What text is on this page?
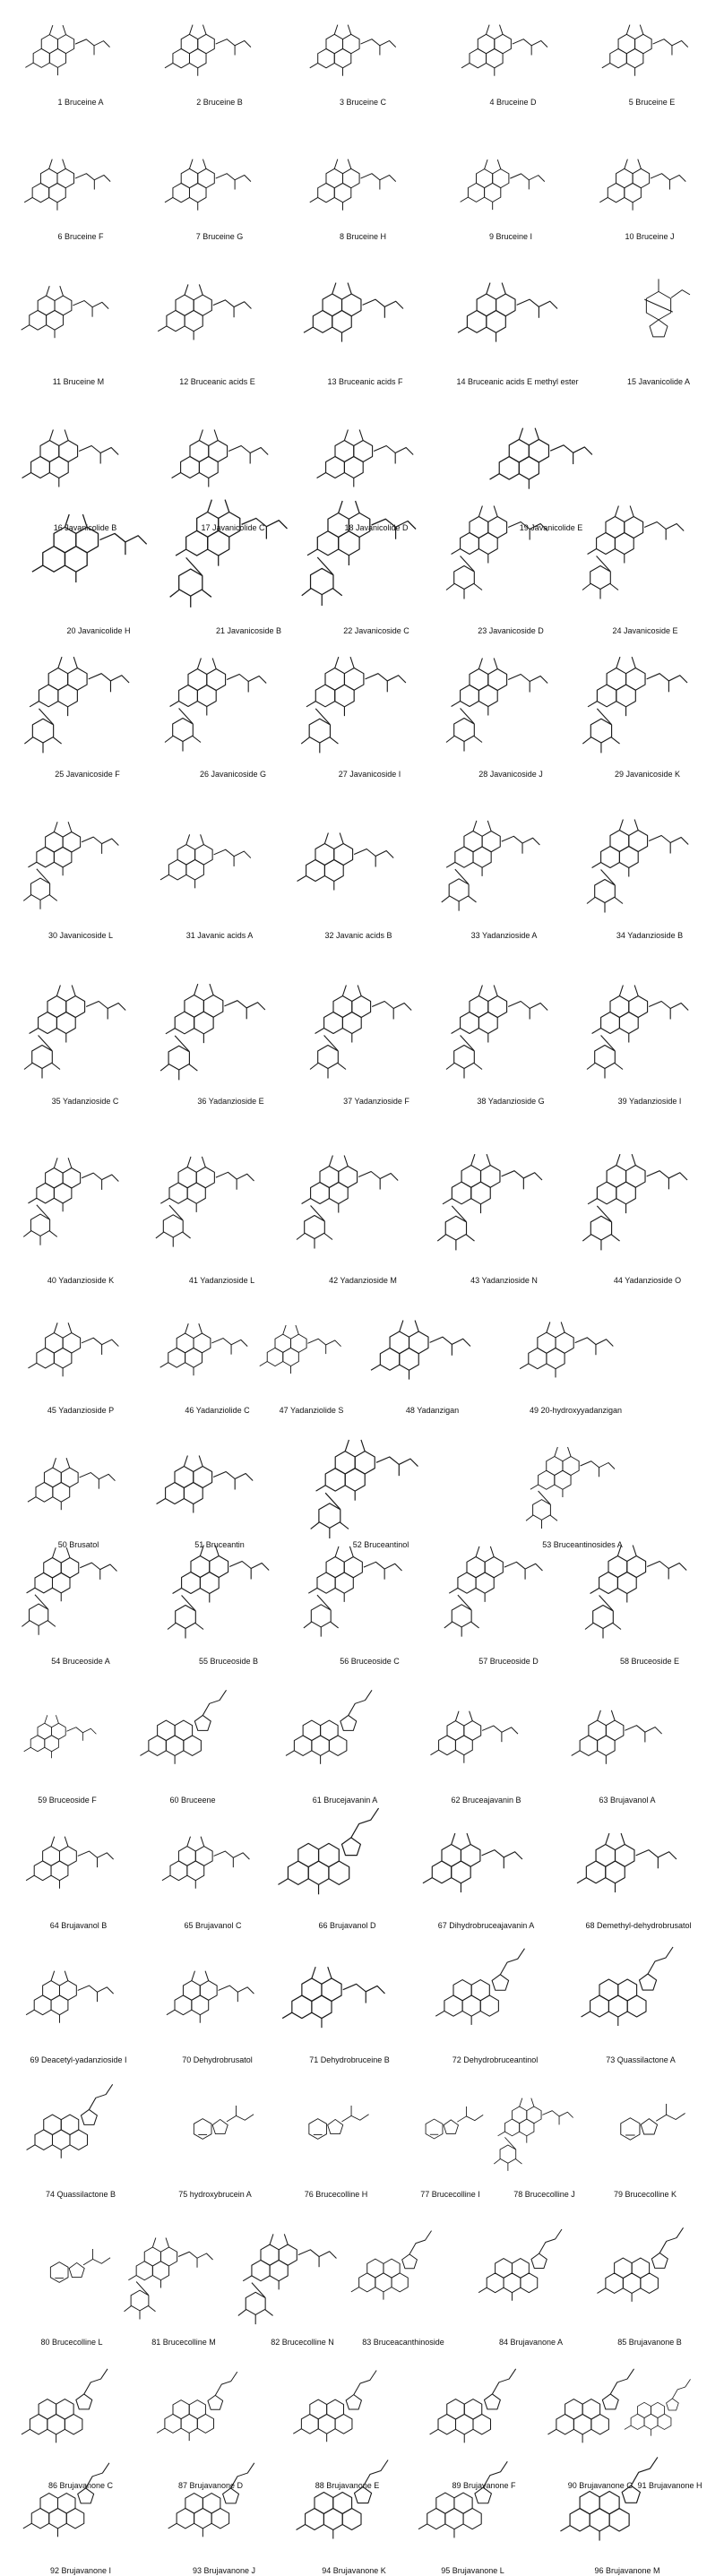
1 Bruceine A	2 Bruceine B	3 Bruceine C	4 Bruceine D	5 Bruceine E
6 Bruceine F	7 Bruceine G	8 Bruceine H	9 Bruceine I	10 Bruceine J
11 Bruceine M	12 Bruceanic acids E	13 Bruceanic acids F	14 Bruceanic acids E methyl ester	15 Javanicolide A
16 Javanicolide B	17 Javanicolide C	18 Javanicolide D	19 Javanicolide E
20 Javanicolide H	21 Javanicoside B	22 Javanicoside C	23 Javanicoside D	24 Javanicoside E
25 Javanicoside F	26 Javanicoside G	27 Javanicoside I	28 Javanicoside J	29 Javanicoside K
30 Javanicoside L	31 Javanic acids A	32 Javanic acids B	33 Yadanzioside A	34 Yadanzioside B
35 Yadanzioside C	36 Yadanzioside E	37 Yadanzioside F	38 Yadanzioside G	39 Yadanzioside I
40 Yadanzioside K	41 Yadanzioside L	42 Yadanzioside M	43 Yadanzioside N	44 Yadanzioside O
45 Yadanzioside P	46 Yadanziolide C	47 Yadanziolide S	48 Yadanzigan	49 20-hydroxyyadanzigan
50 Brusatol	51 Bruceantin	52 Bruceantinol	53 Bruceantinosides A
54 Bruceoside A	55 Bruceoside B	56 Bruceoside C	57 Bruceoside D	58 Bruceoside E
59 Bruceoside F	60 Bruceene	61 Brucejavanin A	62 Bruceajavanin B	63 Brujavanol A
64 Brujavanol B	65 Brujavanol C	66 Brujavanol D	67 Dihydrobruceajavanin A	68 Demethyl-dehydrobrusatol
69 Deacetyl-yadanzioside I	70 Dehydrobrusatol	71 Dehydrobruceine B	72 Dehydrobruceantinol	73 Quassilactone A
74 Quassilactone B	75 hydroxybrucein A	76 Brucecolline H	77 Brucecolline I	78 Brucecolline J	79 Brucecolline K
80 Brucecolline L	81 Brucecolline M	82 Brucecolline N	83 Bruceacanthinoside	84 Brujavanone A	85 Brujavanone B
86 Brujavanone C	87 Brujavanone D	88 Brujavanone E	89 Brujavanone F	90 Brujavanone G 91 Brujavanone H
92 Brujavanone I	93 Brujavanone J	94 Brujavanone K	95 Brujavanone L	96 Brujavanone M
